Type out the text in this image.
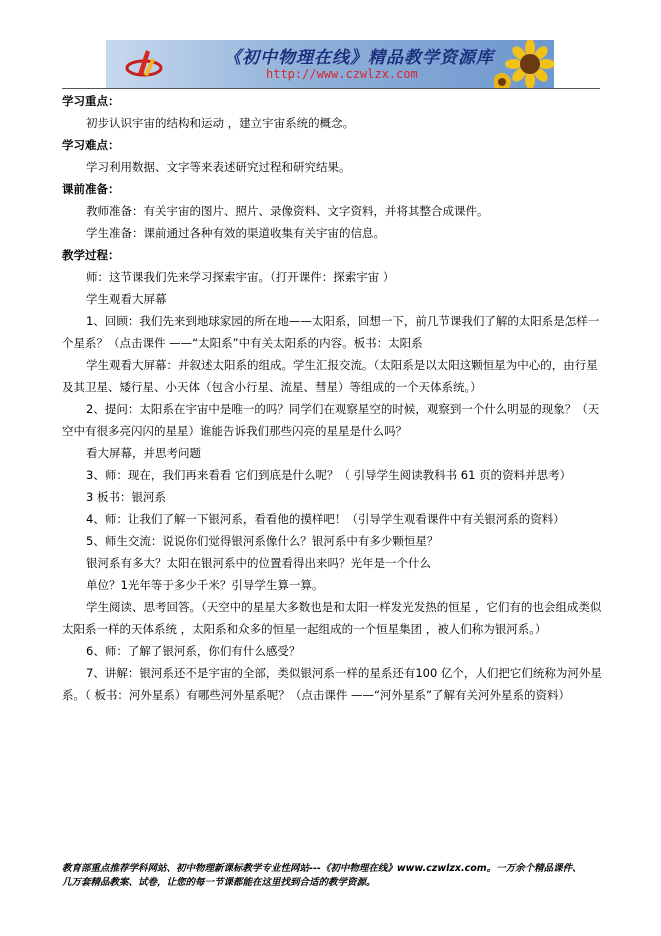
《初中物理在线》精品教学资源库
http://www.czwlzx.com

学习重点：

初步认识宇宙的结构和运动 ，建立宇宙系统的概念。

学习难点：

学习利用数据、文字等来表述研究过程和研究结果。

课前准备：

教师准备：有关宇宙的图片、照片、录像资料、文字资料，并将其整合成课件。

学生准备：课前通过各种有效的渠道收集有关宇宙的信息。

教学过程：

师：这节课我们先来学习探索宇宙。（打开课件：探索宇宙 ）

学生观看大屏幕

1、回顾：我们先来到地球家园的所在地——太阳系，回想一下，前几节课我们了解的太阳系是怎样一个星系？（点击课件 ——“太阳系”中有关太阳系的内容。板书：太阳系

学生观看大屏幕：并叙述太阳系的组成。学生汇报交流。（太阳系是以太阳这颗恒星为中心的，由行星及其卫星、矮行星、小天体（包含小行星、流星、彗星）等组成的一个天体系统。）

2、提问：太阳系在宇宙中是唯一的吗？同学们在观察星空的时候，观察到一个什么明显的现象？（天空中有很多亮闪闪的星星）谁能告诉我们那些闪亮的星星是什么吗？

看大屏幕，并思考问题

3、师：现在，我们再来看看 它们到底是什么呢？（ 引导学生阅读教科书 61 页的资料并思考）

3 板书：银河系

4、师：让我们了解一下银河系，看看他的摸样吧！（引导学生观看课件中有关银河系的资料）

5、师生交流：说说你们觉得银河系像什么？银河系中有多少颗恒星？

银河系有多大？太阳在银河系中的位置看得出来吗？光年是一个什么

单位？1光年等于多少千米？引导学生算一算。

学生阅读、思考回答。（天空中的星星大多数也是和太阳一样发光发热的恒星 ，它们有的也会组成类似太阳系一样的天体系统 ，太阳系和众多的恒星一起组成的一个恒星集团 ，被人们称为银河系。）

6、师：了解了银河系，你们有什么感受？

7、讲解：银河系还不是宇宙的全部，类似银河系一样的星系还有100 亿个，人们把它们统称为河外星系。（ 板书：河外星系）有哪些河外星系呢？（点击课件 ——“河外星系”了解有关河外星系的资料）

教育部重点推荐学科网站、初中物理新课标教学专业性网站---《初中物理在线》www.czwlzx.com。一万余个精品课件、

几万套精品教案、试卷，让您的每一节课都能在这里找到合适的教学资源。
